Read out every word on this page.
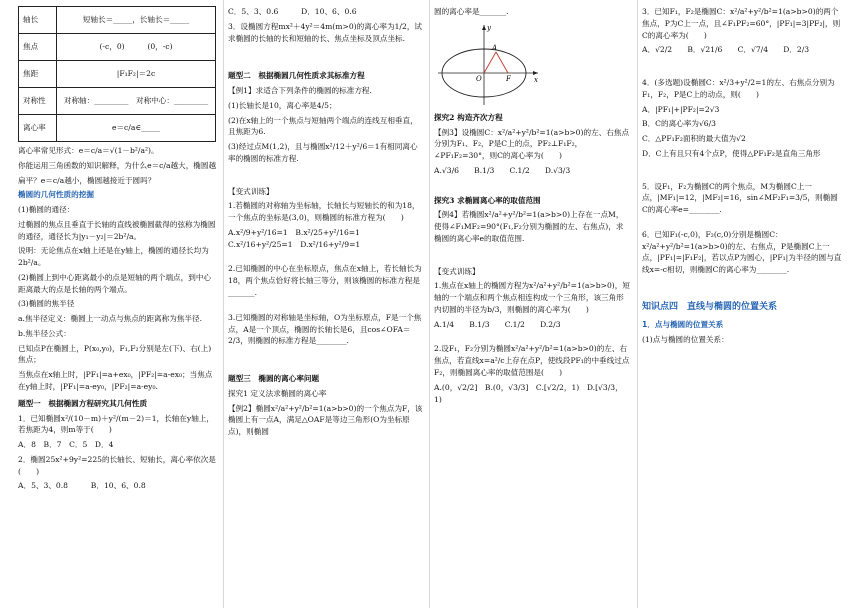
轴长	短轴长＝_____，长轴长＝_____
焦点	(-c，0)　　　(0，-c)
焦距	|F₁F₂|＝2c
对称性	对称轴：_________　对称中心：_________
离心率	e＝c/a∈_____

离心率常见形式：e＝c/a＝√(1－b²/a²)。

你能运用三角函数的知识解释，为什么e＝c/a越大，椭圆越

扁平？e＝c/a越小，椭圆越接近于圆吗？

椭圆的几何性质的挖掘

(1)椭圆的通径：

过椭圆的焦点且垂直于长轴的直线被椭圆截得的弦称为椭圆的通径，通径长为|y₁－y₂|＝2b²/a。

说明：无论焦点在x轴上还是在y轴上，椭圆的通径长均为2b²/a。

(2)椭圆上到中心距离最小的点是短轴的两个端点，到中心距离最大的点是长轴的两个端点。

(3)椭圆的焦半径

a.焦半径定义：椭圆上一动点与焦点的距离称为焦半径.

b.焦半径公式：

已知点P在椭圆上，P(x₀,y₀)，F₁,F₂分别是左(下)、右(上)焦点；

当焦点在x轴上时，|PF₁|=a+ex₀，|PF₂|=a-ex₀；当焦点在y轴上时，|PF₁|=a-ey₀，|PF₂|=a-ey₀.

题型一　根据椭圆方程研究其几何性质

1．已知椭圆x²/(10－m)＋y²/(m－2)＝1，长轴在y轴上，若焦距为4，则m等于(　　)

A．8　B．7　C．5　D．4

2．椭圆25x²+9y²=225的长轴长、短轴长，离心率依次是(　　)

A．5、3、0.8　　　B．10、6、0.8

C．5、3、0.6　　　D．10、6、0.6

3．设椭圆方程mx²＋4y²＝4m(m>0)的离心率为1/2，试求椭圆的长轴的长和短轴的长、焦点坐标及顶点坐标.

题型二　根据椭圆几何性质求其标准方程

【例1】求适合下列条件的椭圆的标准方程.

(1)长轴长是10，离心率是4/5；

(2)在x轴上的一个焦点与短轴两个端点的连线互相垂直，且焦距为6.

(3)经过点M(1,2)，且与椭圆x²/12＋y²/6＝1有相同离心率的椭圆的标准方程.

【变式训练】

1.若椭圆的对称轴为坐标轴，长轴长与短轴长的和为18，一个焦点的坐标是(3,0)，则椭圆的标准方程为(　　)

A.x²/9+y²/16=1　B.x²/25+y²/16=1　C.x²/16+y²/25=1　D.x²/16+y²/9=1

2.已知椭圆的中心在坐标原点，焦点在x轴上，若长轴长为18，两个焦点恰好将长轴三等分，则该椭圆的标准方程是_______.

3.已知椭圆的对称轴是坐标轴，O为坐标原点，F是一个焦点，A是一个顶点，椭圆的长轴长是6，且cos∠OFA＝2/3，则椭圆的标准方程是________.

题型三　椭圆的离心率问题

探究1 定义法求椭圆的离心率

【例2】椭圆x²/a²+y²/b²=1(a>b>0)的一个焦点为F，该椭圆上有一点A，满足△OAF是等边三角形(O为坐标原点)，则椭圆

圆的离心率是_______.

A
F
O	x
y

探究2 构造齐次方程

【例3】设椭圆C：x²/a²+y²/b²=1(a>b>0)的左、右焦点分别为F₁、F₂，P是C上的点，PF₂⊥F₁F₂，∠PF₁F₂=30°，则C的离心率为(　　)

A.√3/6　　B.1/3　　C.1/2　　D.√3/3

探究3 求椭圆离心率的取值范围

【例4】若椭圆x²/a²+y²/b²=1(a>b>0)上存在一点M，使得∠F₁MF₂=90°(F₁,F₂分别为椭圆的左、右焦点)，求椭圆的离心率e的取值范围.

【变式训练】

1.焦点在x轴上的椭圆方程为x²/a²+y²/b²=1(a>b>0)，短轴的一个端点和两个焦点相连构成一个三角形，该三角形内切圆的半径为b/3，则椭圆的离心率为(　　)

A.1/4　　B.1/3　　C.1/2　　D.2/3

2.设F₁，F₂分别为椭圆x²/a²+y²/b²=1(a>b>0)的左、右焦点，若直线x=a²/c上存在点P，使线段PF₁的中垂线过点F₂，则椭圆离心率的取值范围是(　　)

A.(0，√2/2]　B.(0，√3/3]　C.[√2/2，1)　D.[√3/3，1)

3．已知F₁，F₂是椭圆C：x²/a²+y²/b²=1(a>b>0)的两个焦点，P为C上一点，且∠F₁PF₂=60°，|PF₁|=3|PF₂|，则C的离心率为(　　)

A．√2/2　　B．√21/6　　C．√7/4　　D．2/3

4．(多选题)设椭圆C：x²/3+y²/2=1的左、右焦点分别为F₁，F₂，P是C上的动点，则(　　)

A．|PF₁|+|PF₂|=2√3

B．C的离心率为√6/3

C．△PF₁F₂面积的最大值为√2

D．C上有且只有4个点P，使得△PF₁F₂是直角三角形

5．设F₁，F₂为椭圆C的两个焦点，M为椭圆C上一点，|MF₁|=12，|MF₂|=16，sin∠MF₂F₁=3/5，则椭圆C的离心率e=________.

6．已知F₁(-c,0)，F₂(c,0)分别是椭圆C：x²/a²+y²/b²=1(a>b>0)的左、右焦点，P是椭圆C上一点，|PF₁|=|F₁F₂|，若以点P为圆心，|PF₁|为半径的圆与直线x=-c相切，则椭圆C的离心率为________.

知识点四　直线与椭圆的位置关系

1．点与椭圆的位置关系

(1)点与椭圆的位置关系：
